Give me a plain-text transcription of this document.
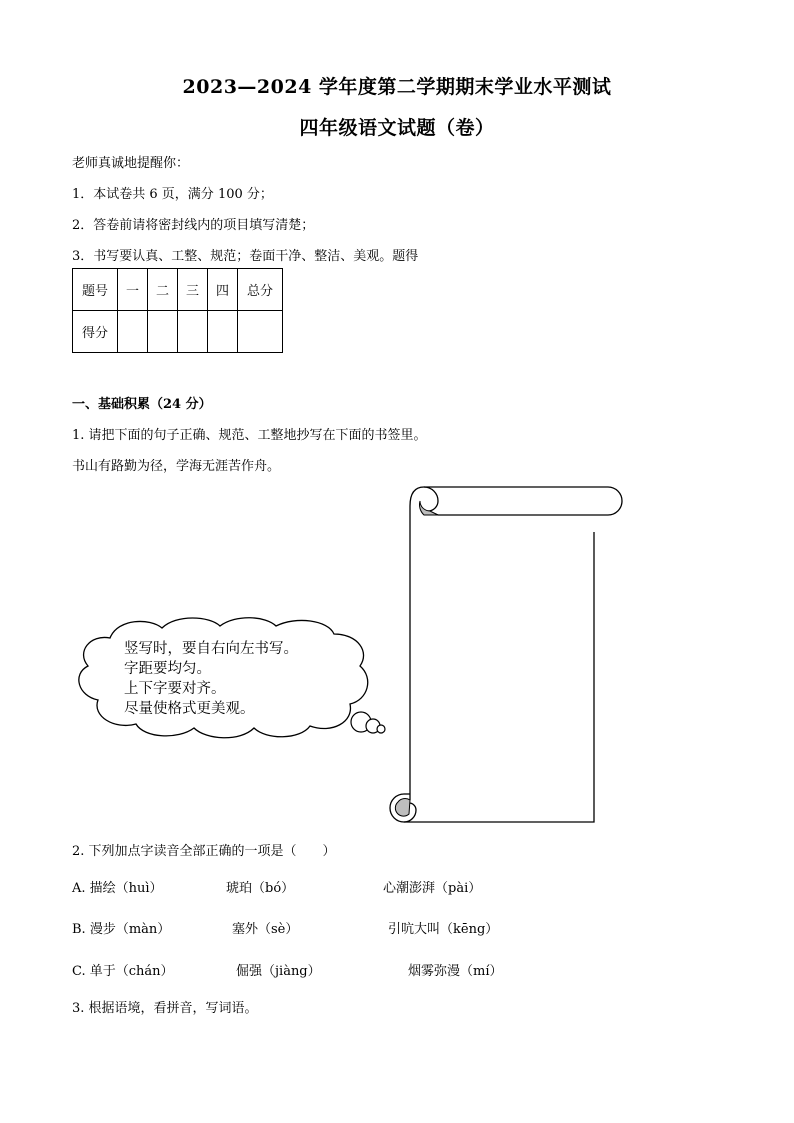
2023—2024 学年度第二学期期末学业水平测试
四年级语文试题（卷）
老师真诚地提醒你：
1．本试卷共 6 页，满分 100 分；
2．答卷前请将密封线内的项目填写清楚；
3．书写要认真、工整、规范；卷面干净、整洁、美观。题得
题号	一	二	三	四	总分
得分					
一、基础积累（24 分）
1. 请把下面的句子正确、规范、工整地抄写在下面的书签里。
书山有路勤为径，学海无涯苦作舟。
竖写时，要自右向左书写。
字距要均匀。
上下字要对齐。
尽量使格式更美观。
2. 下列加点字读音全部正确的一项是（　　）
A. 描绘（huì）	琥珀（bó）	心潮澎湃（pài）
B. 漫步（màn）	塞外（sè）	引吭大叫（kēng）
C. 单于（chán）	倔强（jiàng）	烟雾弥漫（mí）
3. 根据语境，看拼音，写词语。
